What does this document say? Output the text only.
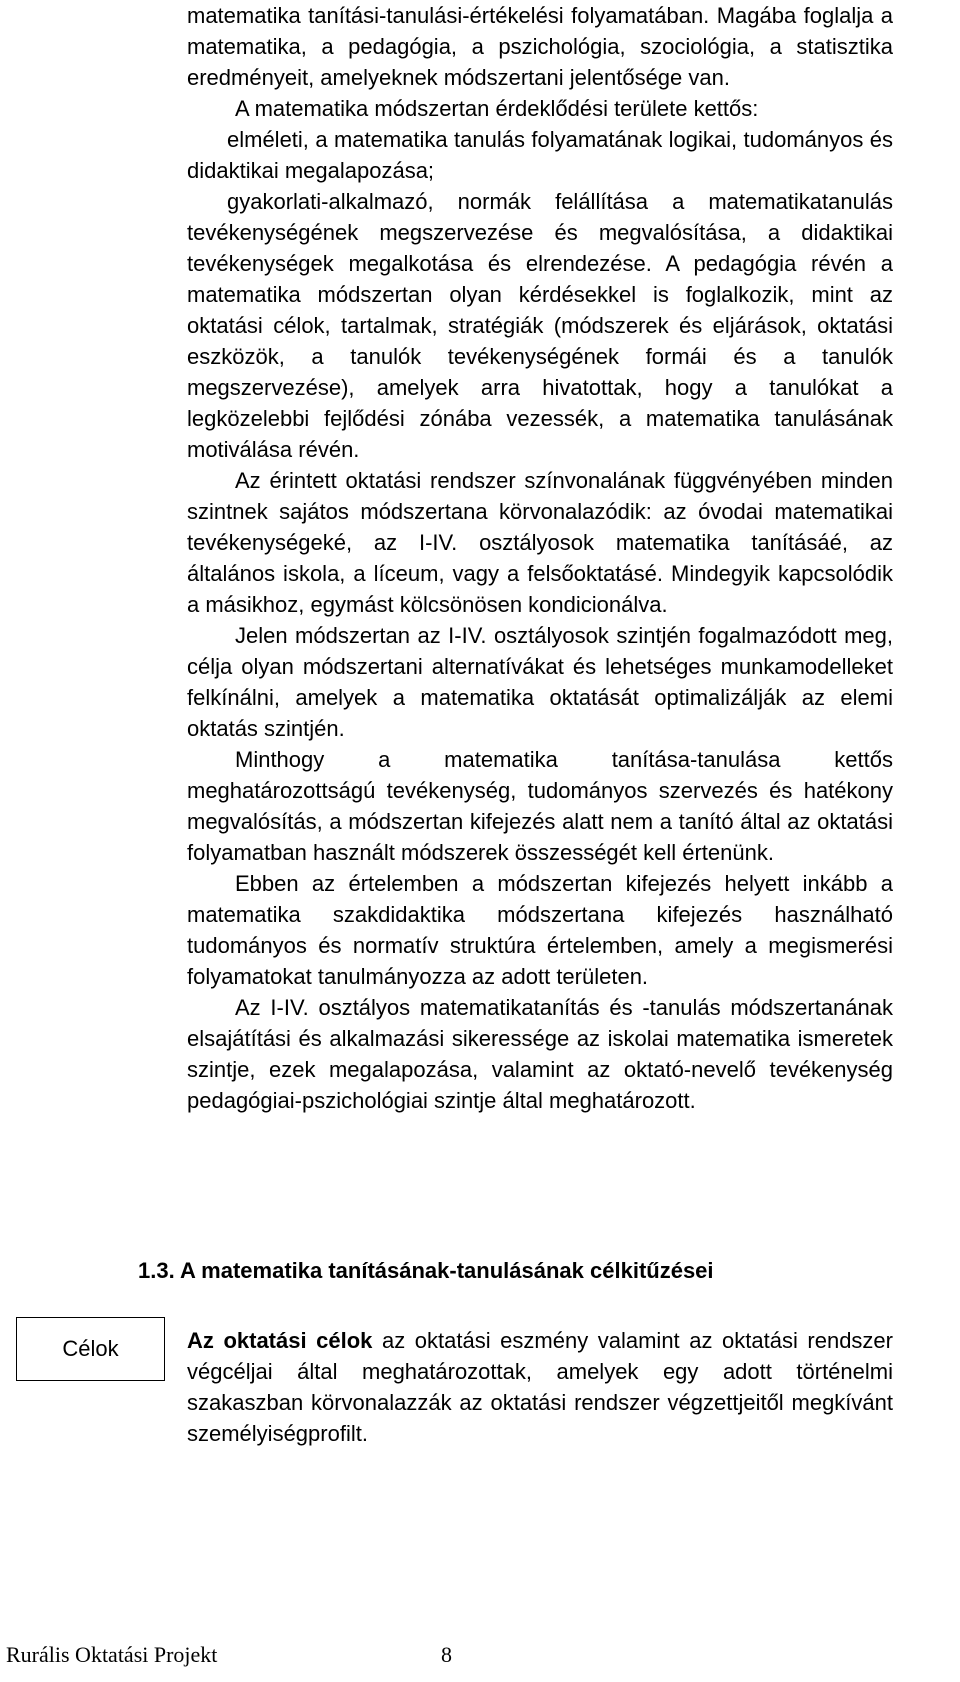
matematika tanítási-tanulási-értékelési folyamatában. Magába foglalja a matematika, a pedagógia, a pszichológia, szociológia, a statisztika eredményeit, amelyeknek módszertani jelentősége van.

A matematika módszertan érdeklődési területe kettős:

elméleti, a matematika tanulás folyamatának logikai, tudományos és didaktikai megalapozása;

gyakorlati-alkalmazó, normák felállítása a matematikatanulás tevékenységének megszervezése és megvalósítása, a didaktikai tevékenységek megalkotása és elrendezése. A pedagógia révén a matematika módszertan olyan kérdésekkel is foglalkozik, mint az oktatási célok, tartalmak, stratégiák (módszerek és eljárások, oktatási eszközök, a tanulók tevékenységének formái és a tanulók megszervezése), amelyek arra hivatottak, hogy a tanulókat a legközelebbi fejlődési zónába vezessék, a matematika tanulásának motiválása révén.

Az érintett oktatási rendszer színvonalának függvényében minden szintnek sajátos módszertana körvonalazódik: az óvodai matematikai tevékenységeké, az I-IV. osztályosok matematika tanításáé, az általános iskola, a líceum, vagy a felsőoktatásé. Mindegyik kapcsolódik a másikhoz, egymást kölcsönösen kondicionálva.

Jelen módszertan az I-IV. osztályosok szintjén fogalmazódott meg, célja olyan módszertani alternatívákat és lehetséges munkamodelleket felkínálni, amelyek a matematika oktatását optimalizálják az elemi oktatás szintjén.

Minthogy a matematika tanítása-tanulása kettős meghatározottságú tevékenység, tudományos szervezés és hatékony megvalósítás, a módszertan kifejezés alatt nem a tanító által az oktatási folyamatban használt módszerek összességét kell értenünk.

Ebben az értelemben a módszertan kifejezés helyett inkább a matematika szakdidaktika módszertana kifejezés használható tudományos és normatív struktúra értelemben, amely a megismerési folyamatokat tanulmányozza az adott területen.

Az I-IV. osztályos matematikatanítás és -tanulás módszertanának elsajátítási és alkalmazási sikeressége az iskolai matematika ismeretek szintje, ezek megalapozása, valamint az oktató-nevelő tevékenység pedagógiai-pszichológiai szintje által meghatározott.

1.3. A matematika tanításának-tanulásának célkitűzései
Célok	Az oktatási célok az oktatási eszmény valamint az oktatási rendszer végcéljai által meghatározottak, amelyek egy adott történelmi szakaszban körvonalazzák az oktatási rendszer végzettjeitől megkívánt személyiségprofilt.

Rurális Oktatási Projekt	8
